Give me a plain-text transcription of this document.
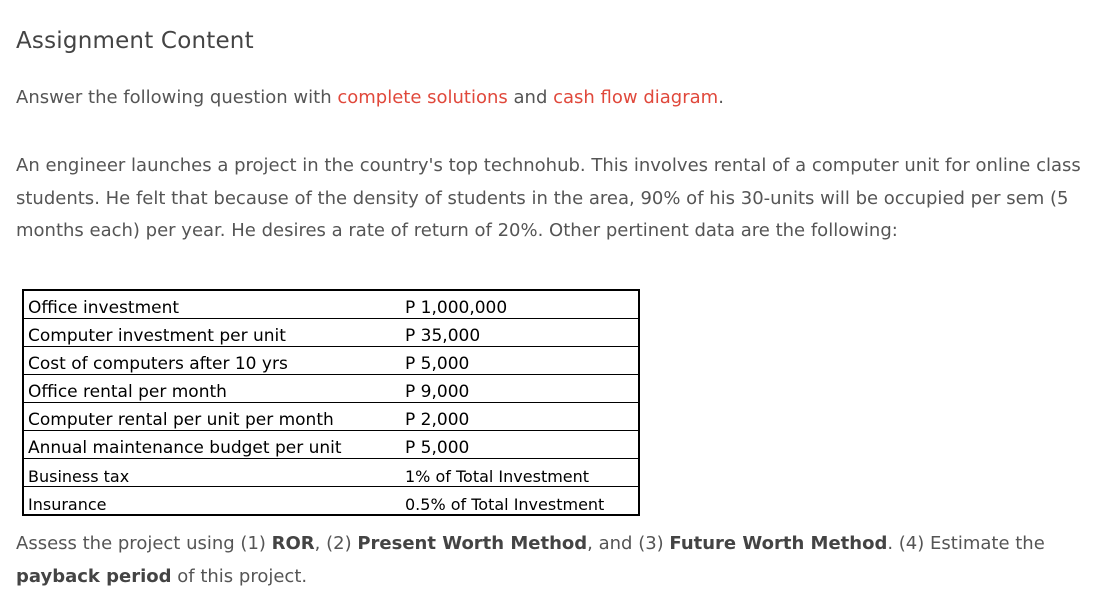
Assignment Content

Answer the following question with complete solutions and cash flow diagram.

An engineer launches a project in the country's top technohub. This involves rental of a computer unit for online class students. He felt that because of the density of students in the area, 90% of his 30-units will be occupied per sem (5 months each) per year. He desires a rate of return of 20%. Other pertinent data are the following:

Office investment	P 1,000,000
Computer investment per unit	P 35,000
Cost of computers after 10 yrs	P 5,000
Office rental per month	P 9,000
Computer rental per unit per month	P 2,000
Annual maintenance budget per unit	P 5,000
Business tax	1% of Total Investment
Insurance	0.5% of Total Investment

Assess the project using (1) ROR, (2) Present Worth Method, and (3) Future Worth Method. (4) Estimate the payback period of this project.
